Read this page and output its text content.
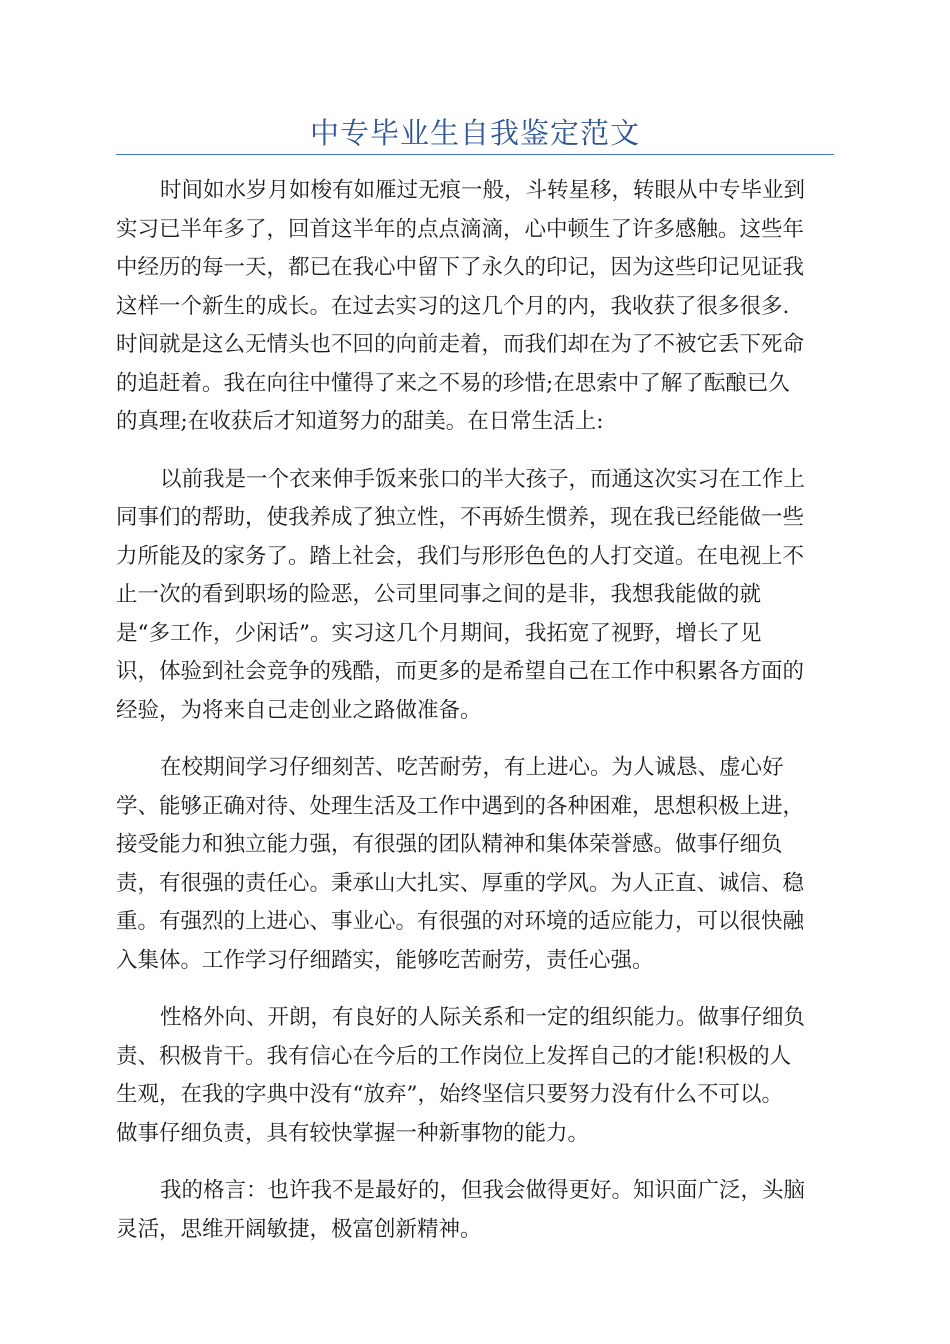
中专毕业生自我鉴定范文
时间如水岁月如梭有如雁过无痕一般，斗转星移，转眼从中专毕业到
实习已半年多了，回首这半年的点点滴滴，心中顿生了许多感触。这些年
中经历的每一天，都已在我心中留下了永久的印记，因为这些印记见证我
这样一个新生的成长。在过去实习的这几个月的内，我收获了很多很多.
时间就是这么无情头也不回的向前走着，而我们却在为了不被它丢下死命
的追赶着。我在向往中懂得了来之不易的珍惜;在思索中了解了酝酿已久
的真理;在收获后才知道努力的甜美。在日常生活上:
以前我是一个衣来伸手饭来张口的半大孩子，而通这次实习在工作上
同事们的帮助，使我养成了独立性，不再娇生惯养，现在我已经能做一些
力所能及的家务了。踏上社会，我们与形形色色的人打交道。在电视上不
止一次的看到职场的险恶，公司里同事之间的是非，我想我能做的就
是“多工作，少闲话”。实习这几个月期间，我拓宽了视野，增长了见
识，体验到社会竞争的残酷，而更多的是希望自己在工作中积累各方面的
经验，为将来自己走创业之路做准备。
在校期间学习仔细刻苦、吃苦耐劳，有上进心。为人诚恳、虚心好
学、能够正确对待、处理生活及工作中遇到的各种困难，思想积极上进，
接受能力和独立能力强，有很强的团队精神和集体荣誉感。做事仔细负
责，有很强的责任心。秉承山大扎实、厚重的学风。为人正直、诚信、稳
重。有强烈的上进心、事业心。有很强的对环境的适应能力，可以很快融
入集体。工作学习仔细踏实，能够吃苦耐劳，责任心强。
性格外向、开朗，有良好的人际关系和一定的组织能力。做事仔细负
责、积极肯干。我有信心在今后的工作岗位上发挥自己的才能!积极的人
生观，在我的字典中没有“放弃”，始终坚信只要努力没有什么不可以。
做事仔细负责，具有较快掌握一种新事物的能力。
我的格言：也许我不是最好的，但我会做得更好。知识面广泛，头脑
灵活，思维开阔敏捷，极富创新精神。
